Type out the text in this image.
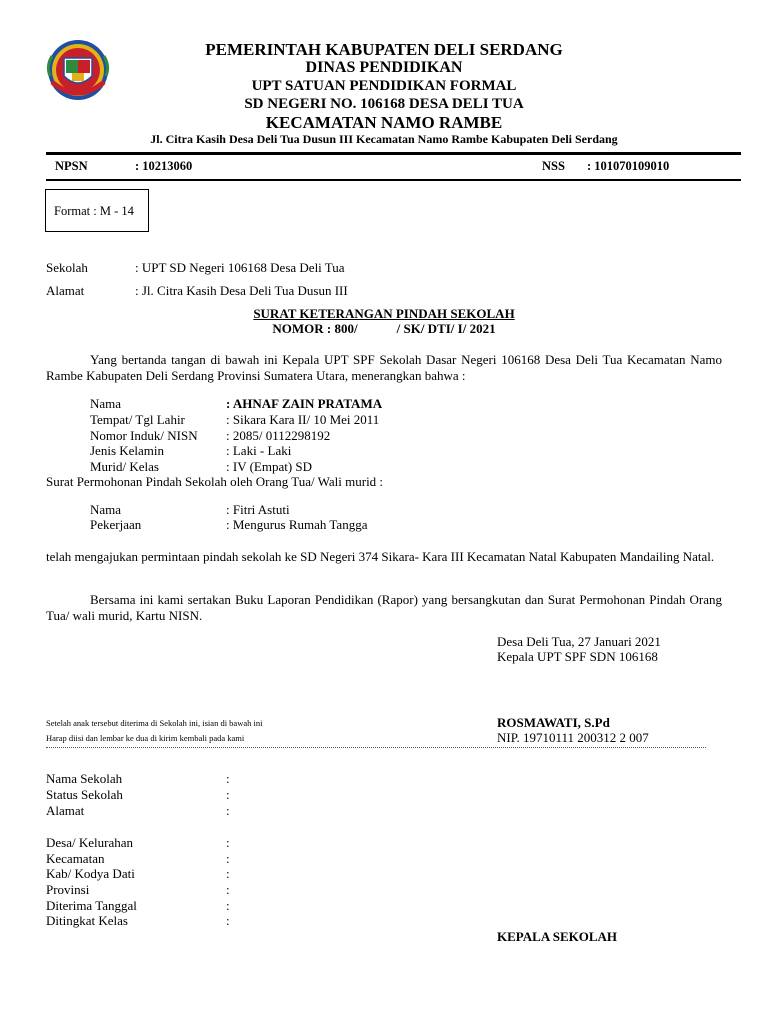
PEMERINTAH KABUPATEN DELI SERDANG
DINAS PENDIDIKAN
UPT SATUAN PENDIDIKAN FORMAL
SD NEGERI NO. 106168 DESA DELI TUA
KECAMATAN NAMO RAMBE
Jl. Citra Kasih Desa Deli Tua Dusun III Kecamatan Namo Rambe Kabupaten Deli Serdang
NPSN	: 10213060	NSS : 101070109010
Format : M - 14
Sekolah	: UPT SD Negeri 106168 Desa Deli Tua
Alamat	: Jl. Citra Kasih Desa Deli Tua Dusun III
SURAT KETERANGAN PINDAH SEKOLAH
NOMOR : 800/            / SK/ DTI/ I/ 2021
Yang bertanda tangan di bawah ini Kepala UPT SPF Sekolah Dasar Negeri 106168 Desa Deli Tua Kecamatan Namo Rambe Kabupaten Deli Serdang Provinsi Sumatera Utara, menerangkan bahwa :
Nama	: AHNAF ZAIN PRATAMA
Tempat/ Tgl Lahir	: Sikara Kara II/ 10 Mei 2011
Nomor Induk/ NISN : 2085/ 0112298192
Jenis Kelamin	: Laki - Laki
Murid/ Kelas	: IV (Empat) SD
Surat Permohonan Pindah Sekolah oleh Orang Tua/ Wali murid :
Nama	: Fitri Astuti
Pekerjaan	: Mengurus Rumah Tangga
telah mengajukan permintaan pindah sekolah ke SD Negeri 374 Sikara- Kara III Kecamatan Natal Kabupaten Mandailing Natal.
Bersama ini kami sertakan Buku Laporan Pendidikan (Rapor) yang bersangkutan dan Surat Permohonan Pindah Orang Tua/ wali murid, Kartu NISN.
Desa Deli Tua, 27 Januari 2021
Kepala UPT SPF SDN 106168
ROSMAWATI, S.Pd
NIP. 19710111 200312 2 007
Setelah anak tersebut diterima di Sekolah ini, isian di bawah ini
Harap diisi dan lembar ke dua di kirim kembali pada kami
Nama Sekolah	:
Status Sekolah	:
Alamat	:
Desa/ Kelurahan	:
Kecamatan	:
Kab/ Kodya Dati	:
Provinsi	:
Diterima Tanggal	:
Ditingkat Kelas	:
KEPALA SEKOLAH
